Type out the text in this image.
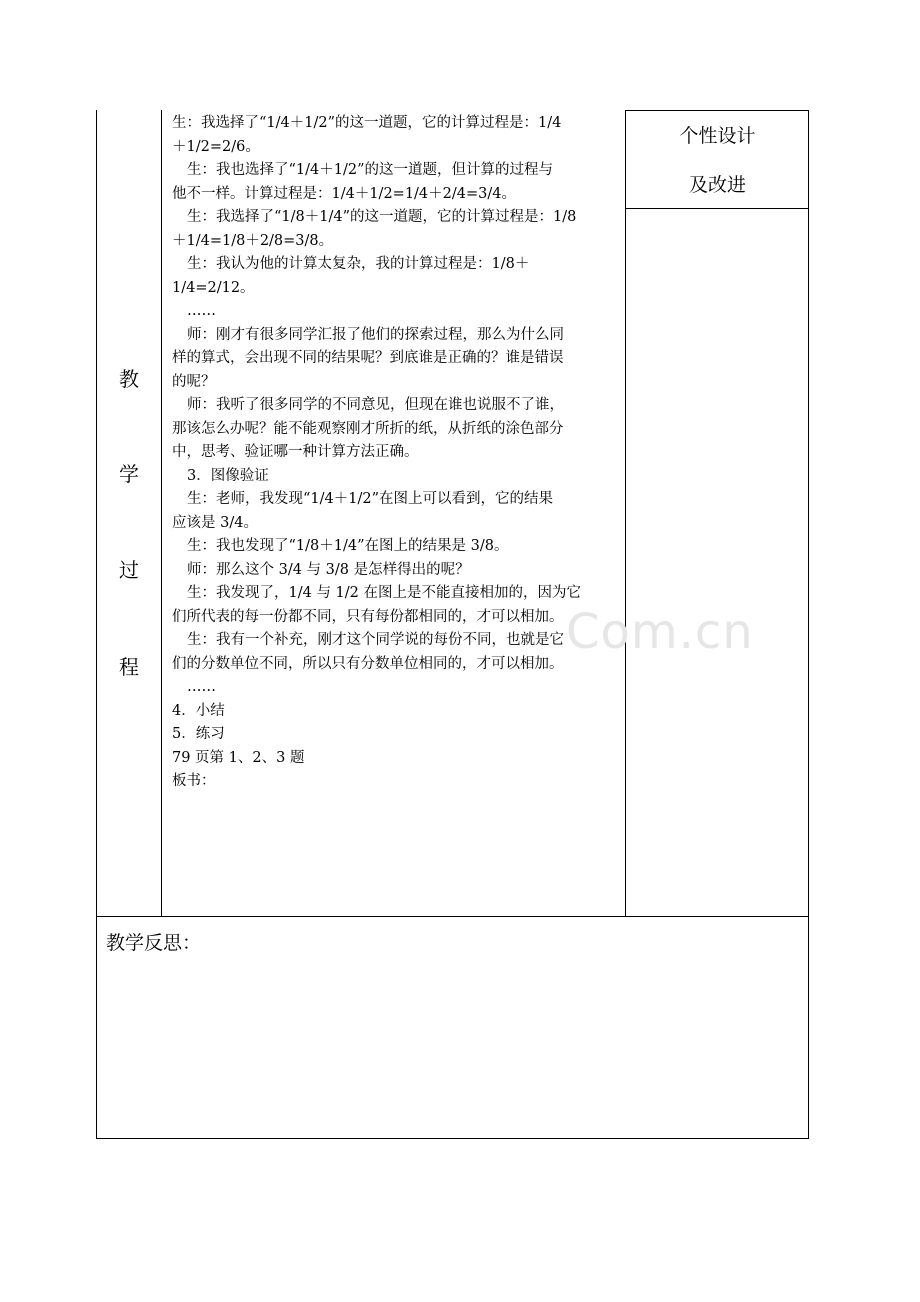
教
学
过
程
个性设计
及改进
生：我选择了“1/4＋1/2”的这一道题，它的计算过程是：1/4
＋1/2=2/6。
生：我也选择了“1/4＋1/2”的这一道题，但计算的过程与
他不一样。计算过程是：1/4＋1/2=1/4＋2/4=3/4。
生：我选择了“1/8＋1/4”的这一道题，它的计算过程是：1/8
＋1/4=1/8＋2/8=3/8。
生：我认为他的计算太复杂，我的计算过程是：1/8＋
1/4=2/12。
……
师：刚才有很多同学汇报了他们的探索过程，那么为什么同
样的算式，会出现不同的结果呢？到底谁是正确的？谁是错误
的呢？
师：我听了很多同学的不同意见，但现在谁也说服不了谁，
那该怎么办呢？能不能观察刚才所折的纸，从折纸的涂色部分
中，思考、验证哪一种计算方法正确。
3．图像验证
生：老师，我发现“1/4＋1/2”在图上可以看到，它的结果
应该是 3/4。
生：我也发现了“1/8＋1/4”在图上的结果是 3/8。
师：那么这个 3/4 与 3/8 是怎样得出的呢？
生：我发现了，1/4 与 1/2 在图上是不能直接相加的，因为它
们所代表的每一份都不同，只有每份都相同的，才可以相加。
生：我有一个补充，刚才这个同学说的每份不同，也就是它
们的分数单位不同，所以只有分数单位相同的，才可以相加。
……
4．小结
5．练习
79 页第 1、2、3 题
板书：
教学反思：
Com.cn
